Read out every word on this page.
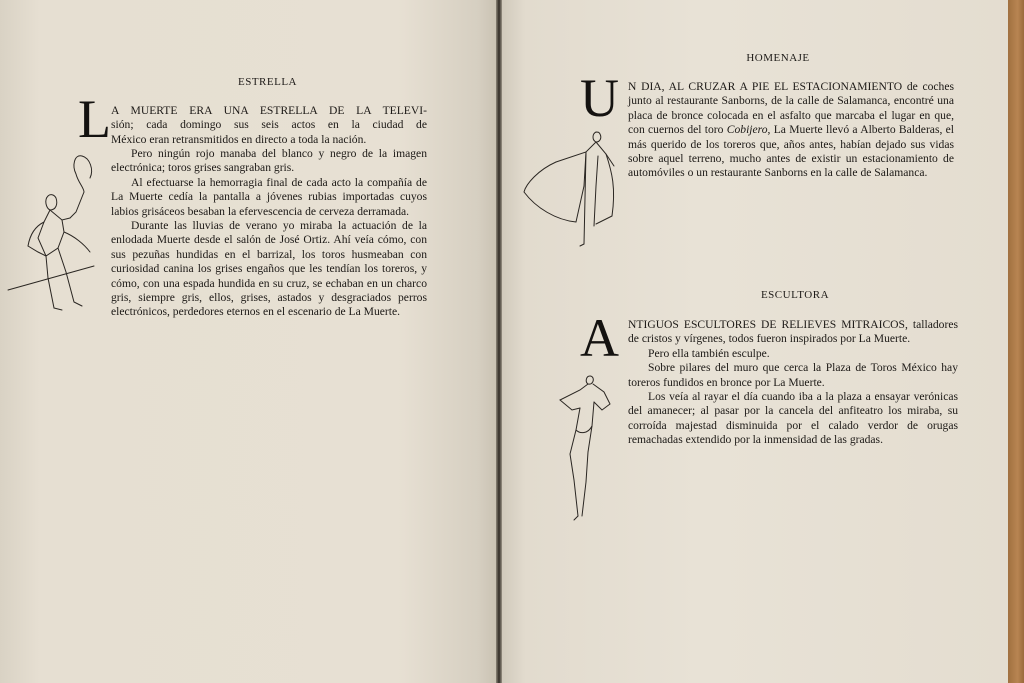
ESTRELLA
L A MUERTE ERA UNA ESTRELLA DE LA TELEVI-

sión; cada domingo sus seis actos en la ciudad de

México eran retransmitidos en directo a toda la nación.

Pero ningún rojo manaba del blanco y negro de la imagen electrónica; toros grises sangraban gris.

Al efectuarse la hemorragia final de cada acto la compañía de La Muerte cedía la pantalla a jóvenes rubias importadas cuyos labios grisáceos besaban la efervescencia de cerveza derramada.

Durante las lluvias de verano yo miraba la actuación de la enlodada Muerte desde el salón de José Ortiz. Ahí veía cómo, con sus pezuñas hundidas en el barrizal, los toros husmeaban con curiosidad canina los grises engaños que les tendían los toreros, y cómo, con una espada hundida en su cruz, se echaban en un charco gris, siempre gris, ellos, grises, astados y desgraciados perros electrónicos, perdedores eternos en el escenario de La Muerte.

HOMENAJE
U N DIA, AL CRUZAR A PIE EL ESTACIONAMIENTO de coches junto al restaurante Sanborns, de la calle de Salamanca, encontré una placa de bronce colocada en el asfalto que marcaba el lugar en que, con cuernos del toro Cobijero, La Muerte llevó a Alberto Balderas, el más querido de los toreros que, años antes, habían dejado sus vidas sobre aquel terreno, mucho antes de existir un estacionamiento de automóviles o un restaurante Sanborns en la calle de Salamanca.

ESCULTORA
A NTIGUOS ESCULTORES DE RELIEVES MITRAICOS, talladores de cristos y vírgenes, todos fueron inspirados por La Muerte.

Pero ella también esculpe.

Sobre pilares del muro que cerca la Plaza de Toros México hay toreros fundidos en bronce por La Muerte.

Los veía al rayar el día cuando iba a la plaza a ensayar verónicas del amanecer; al pasar por la cancela del anfiteatro los miraba, su corroída majestad disminuida por el calado verdor de orugas remachadas extendido por la inmensidad de las gradas.
